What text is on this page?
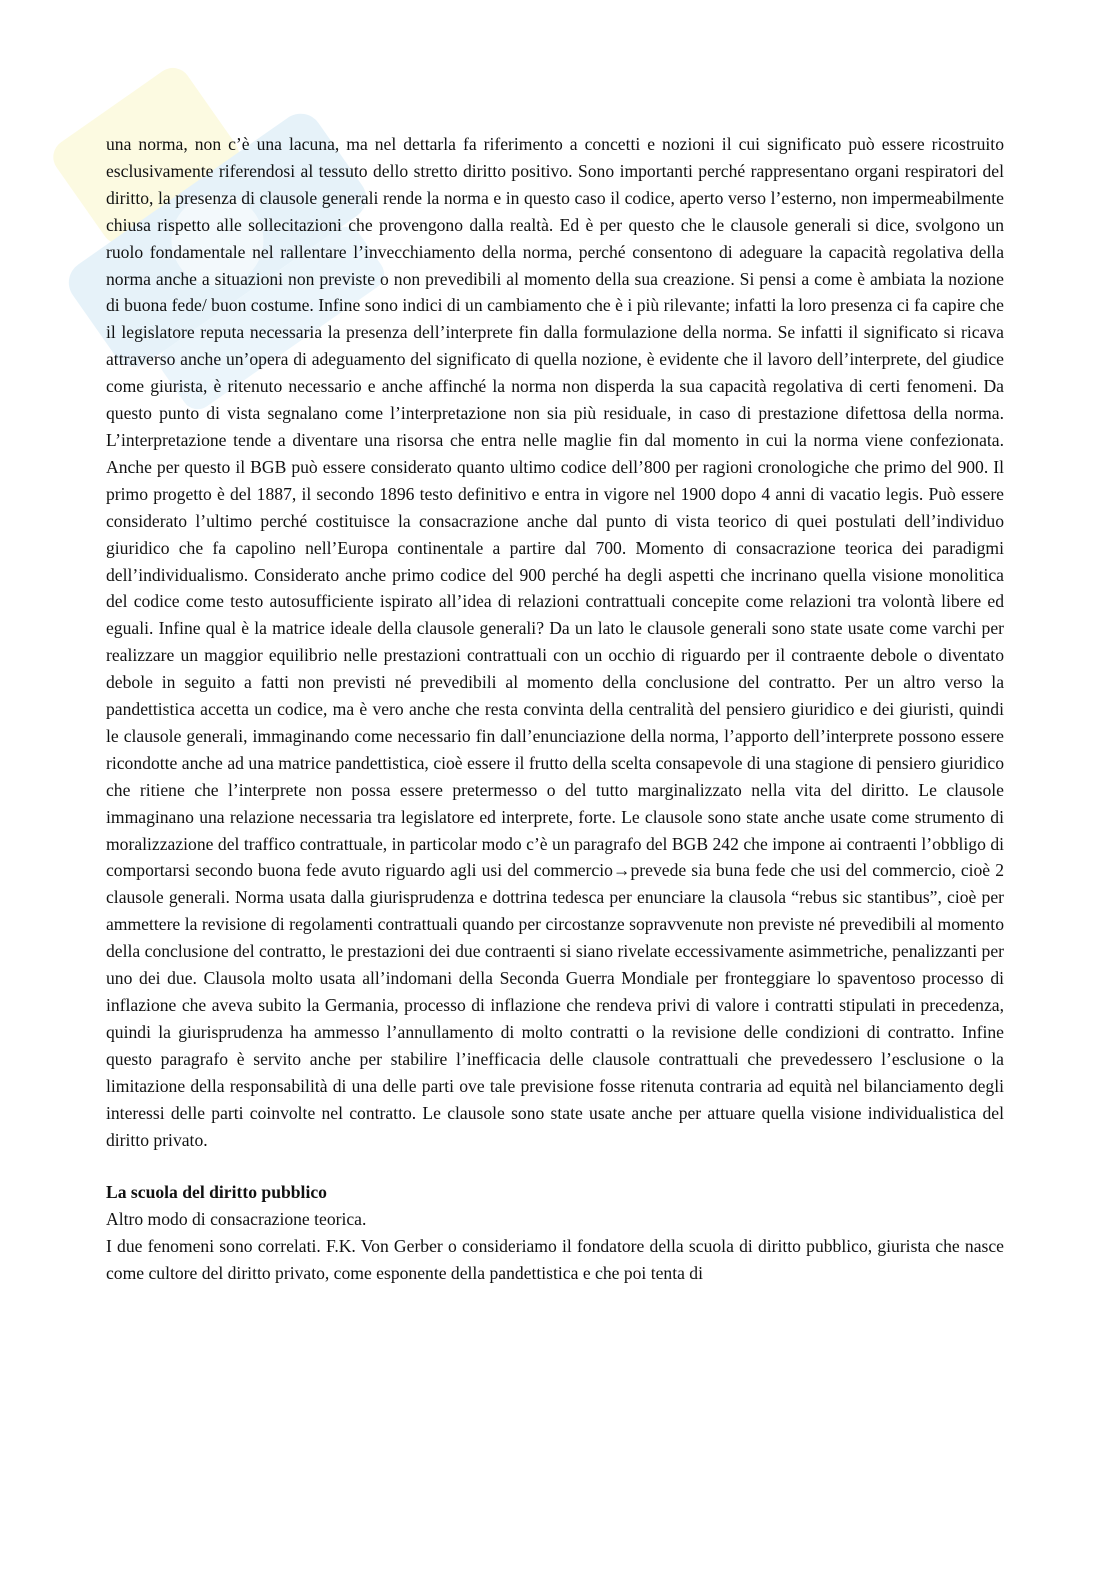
una norma, non c’è una lacuna, ma nel dettarla fa riferimento a concetti e nozioni il cui significato può essere ricostruito esclusivamente riferendosi al tessuto dello stretto diritto positivo. Sono importanti perché rappresentano organi respiratori del diritto, la presenza di clausole generali rende la norma e in questo caso il codice, aperto verso l’esterno, non impermeabilmente chiusa rispetto alle sollecitazioni che provengono dalla realtà. Ed è per questo che le clausole generali si dice, svolgono un ruolo fondamentale nel rallentare l’invecchiamento della norma, perché consentono di adeguare la capacità regolativa della norma anche a situazioni non previste o non prevedibili al momento della sua creazione. Si pensi a come è ambiata la nozione di buona fede/ buon costume. Infine sono indici di un cambiamento che è i più rilevante; infatti la loro presenza ci fa capire che il legislatore reputa necessaria la presenza dell’interprete fin dalla formulazione della norma. Se infatti il significato si ricava attraverso anche un’opera di adeguamento del significato di quella nozione, è evidente che il lavoro dell’interprete, del giudice come giurista, è ritenuto necessario e anche affinché la norma non disperda la sua capacità regolativa di certi fenomeni. Da questo punto di vista segnalano come l’interpretazione non sia più residuale, in caso di prestazione difettosa della norma. L’interpretazione tende a diventare una risorsa che entra nelle maglie fin dal momento in cui la norma viene confezionata. Anche per questo il BGB può essere considerato quanto ultimo codice dell’800 per ragioni cronologiche che primo del 900. Il primo progetto è del 1887, il secondo 1896 testo definitivo e entra in vigore nel 1900 dopo 4 anni di vacatio legis. Può essere considerato l’ultimo perché costituisce la consacrazione anche dal punto di vista teorico di quei postulati dell’individuo giuridico che fa capolino nell’Europa continentale a partire dal 700. Momento di consacrazione teorica dei paradigmi dell’individualismo. Considerato anche primo codice del 900 perché ha degli aspetti che incrinano quella visione monolitica del codice come testo autosufficiente ispirato all’idea di relazioni contrattuali concepite come relazioni tra volontà libere ed eguali. Infine qual è la matrice ideale della clausole generali? Da un lato le clausole generali sono state usate come varchi per realizzare un maggior equilibrio nelle prestazioni contrattuali con un occhio di riguardo per il contraente debole o diventato debole in seguito a fatti non previsti né prevedibili al momento della conclusione del contratto. Per un altro verso la pandettistica accetta un codice, ma è vero anche che resta convinta della centralità del pensiero giuridico e dei giuristi, quindi le clausole generali, immaginando come necessario fin dall’enunciazione della norma, l’apporto dell’interprete possono essere ricondotte anche ad una matrice pandettistica, cioè essere il frutto della scelta consapevole di una stagione di pensiero giuridico che ritiene che l’interprete non possa essere pretermesso o del tutto marginalizzato nella vita del diritto. Le clausole immaginano una relazione necessaria tra legislatore ed interprete, forte. Le clausole sono state anche usate come strumento di moralizzazione del traffico contrattuale, in particolar modo c’è un paragrafo del BGB 242 che impone ai contraenti l’obbligo di comportarsi secondo buona fede avuto riguardo agli usi del commercio→prevede sia buna fede che usi del commercio, cioè 2 clausole generali. Norma usata dalla giurisprudenza e dottrina tedesca per enunciare la clausola “rebus sic stantibus”, cioè per ammettere la revisione di regolamenti contrattuali quando per circostanze sopravvenute non previste né prevedibili al momento della conclusione del contratto, le prestazioni dei due contraenti si siano rivelate eccessivamente asimmetriche, penalizzanti per uno dei due. Clausola molto usata all’indomani della Seconda Guerra Mondiale per fronteggiare lo spaventoso processo di inflazione che aveva subito la Germania, processo di inflazione che rendeva privi di valore i contratti stipulati in precedenza, quindi la giurisprudenza ha ammesso l’annullamento di molto contratti o la revisione delle condizioni di contratto. Infine questo paragrafo è servito anche per stabilire l’inefficacia delle clausole contrattuali che prevedessero l’esclusione o la limitazione della responsabilità di una delle parti ove tale previsione fosse ritenuta contraria ad equità nel bilanciamento degli interessi delle parti coinvolte nel contratto. Le clausole sono state usate anche per attuare quella visione individualistica del diritto privato.

La scuola del diritto pubblico

Altro modo di consacrazione teorica.

I due fenomeni sono correlati. F.K. Von Gerber o consideriamo il fondatore della scuola di diritto pubblico, giurista che nasce come cultore del diritto privato, come esponente della pandettistica e che poi tenta di
